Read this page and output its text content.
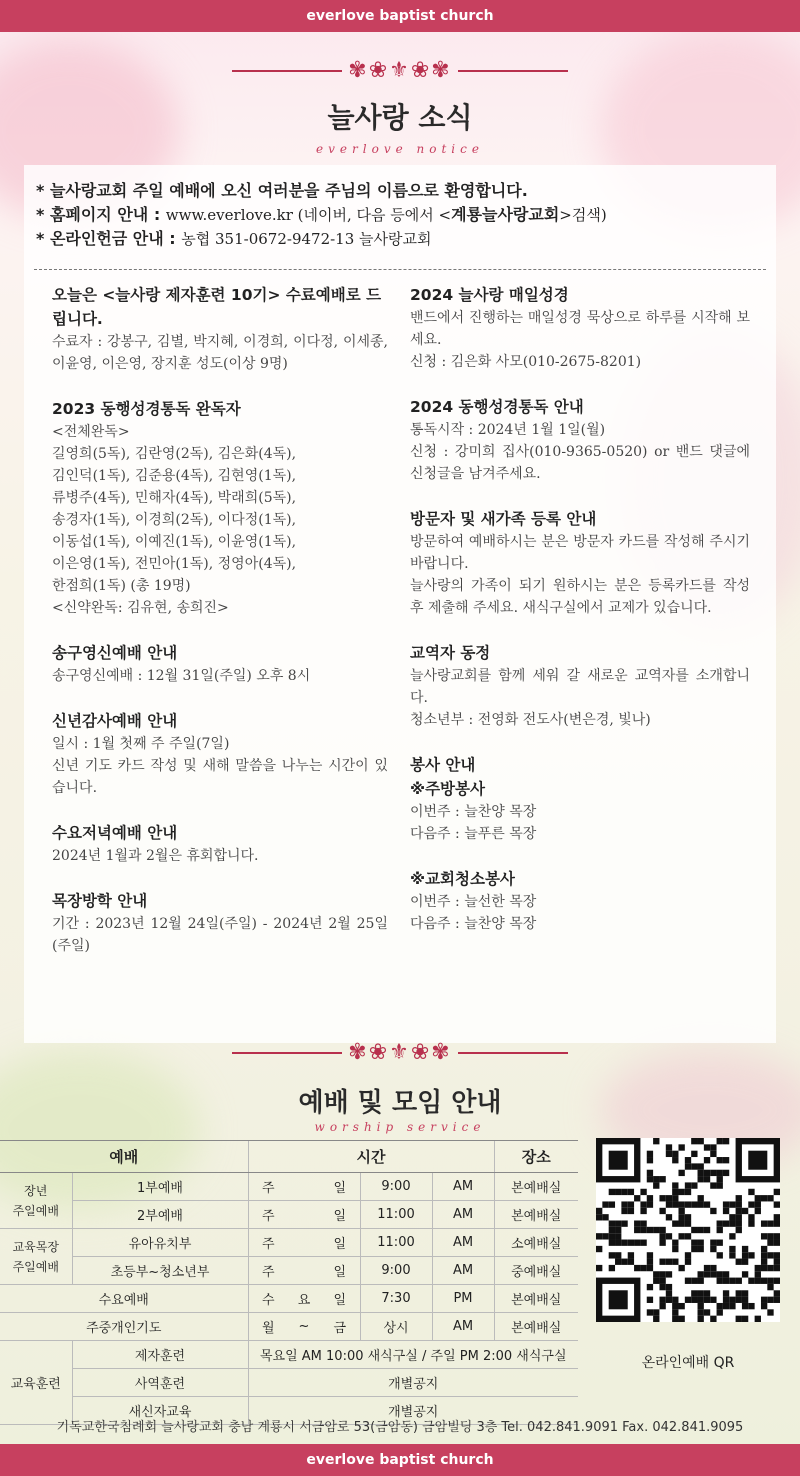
everlove baptist church
✾❀⚜❀✾
늘사랑 소식
everlove notice
* 늘사랑교회 주일 예배에 오신 여러분을 주님의 이름으로 환영합니다.
* 홈페이지 안내 : www.everlove.kr (네이버, 다음 등에서 <계룡늘사랑교회>검색)
* 온라인헌금 안내 : 농협 351-0672-9472-13 늘사랑교회
오늘은 <늘사랑 제자훈련 10기> 수료예배로 드립니다.

수료자 : 강봉구, 김별, 박지혜, 이경희, 이다정, 이세종, 이윤영, 이은영, 장지훈 성도(이상 9명)

2023 동행성경통독 완독자

<전체완독>
길영희(5독), 김란영(2독), 김은화(4독),
김인덕(1독), 김준용(4독), 김현영(1독),
류병주(4독), 민해자(4독), 박래희(5독),
송경자(1독), 이경희(2독), 이다정(1독),
이동섭(1독), 이예진(1독), 이윤영(1독),
이은영(1독), 전민아(1독), 정영아(4독),
한점희(1독) (총 19명)
<신약완독: 김유현, 송희진>

송구영신예배 안내

송구영신예배 : 12월 31일(주일) 오후 8시

신년감사예배 안내

일시 : 1월 첫째 주 주일(7일)
신년 기도 카드 작성 및 새해 말씀을 나누는 시간이 있습니다.

수요저녁예배 안내

2024년 1월과 2월은 휴회합니다.

목장방학 안내

기간 : 2023년 12월 24일(주일) - 2024년 2월 25일(주일)

2024 늘사랑 매일성경

밴드에서 진행하는 매일성경 묵상으로 하루를 시작해 보세요.
신청 : 김은화 사모(010-2675-8201)

2024 동행성경통독 안내

통독시작 : 2024년 1월 1일(월)
신청 : 강미희 집사(010-9365-0520) or 밴드 댓글에 신청글을 남겨주세요.

방문자 및 새가족 등록 안내

방문하여 예배하시는 분은 방문자 카드를 작성해 주시기 바랍니다.
늘사랑의 가족이 되기 원하시는 분은 등록카드를 작성 후 제출해 주세요. 새식구실에서 교제가 있습니다.

교역자 동정

늘사랑교회를 함께 세워 갈 새로운 교역자를 소개합니다.
청소년부 : 전영화 전도사(변은경, 빛나)

봉사 안내
※주방봉사

이번주 : 늘찬양 목장
다음주 : 늘푸른 목장

※교회청소봉사

이번주 : 늘선한 목장
다음주 : 늘찬양 목장

✾❀⚜❀✾
예배 및 모임 안내
worship service
예배		시간					장소
장년
주일예배	1부예배	주		일	9:00	AM	본예배실
	2부예배	주		일	11:00	AM	본예배실
교육목장
주일예배	유아유치부	주		일	11:00	AM	소예배실
	초등부~청소년부	주		일	9:00	AM	중예배실
수요예배		수	요	일	7:30	PM	본예배실
주중개인기도		월	~	금	상시	AM	본예배실
교육훈련	제자훈련	목요일 AM 10:00 새식구실 / 주일 PM 2:00 새식구실					
	사역훈련	개별공지					
	새신자교육	개별공지					
온라인예배 QR
기독교한국침례회 늘사랑교회 충남 계룡시 서금암로 53(금암동) 금암빌딩 3층 Tel. 042.841.9091 Fax. 042.841.9095
everlove baptist church
